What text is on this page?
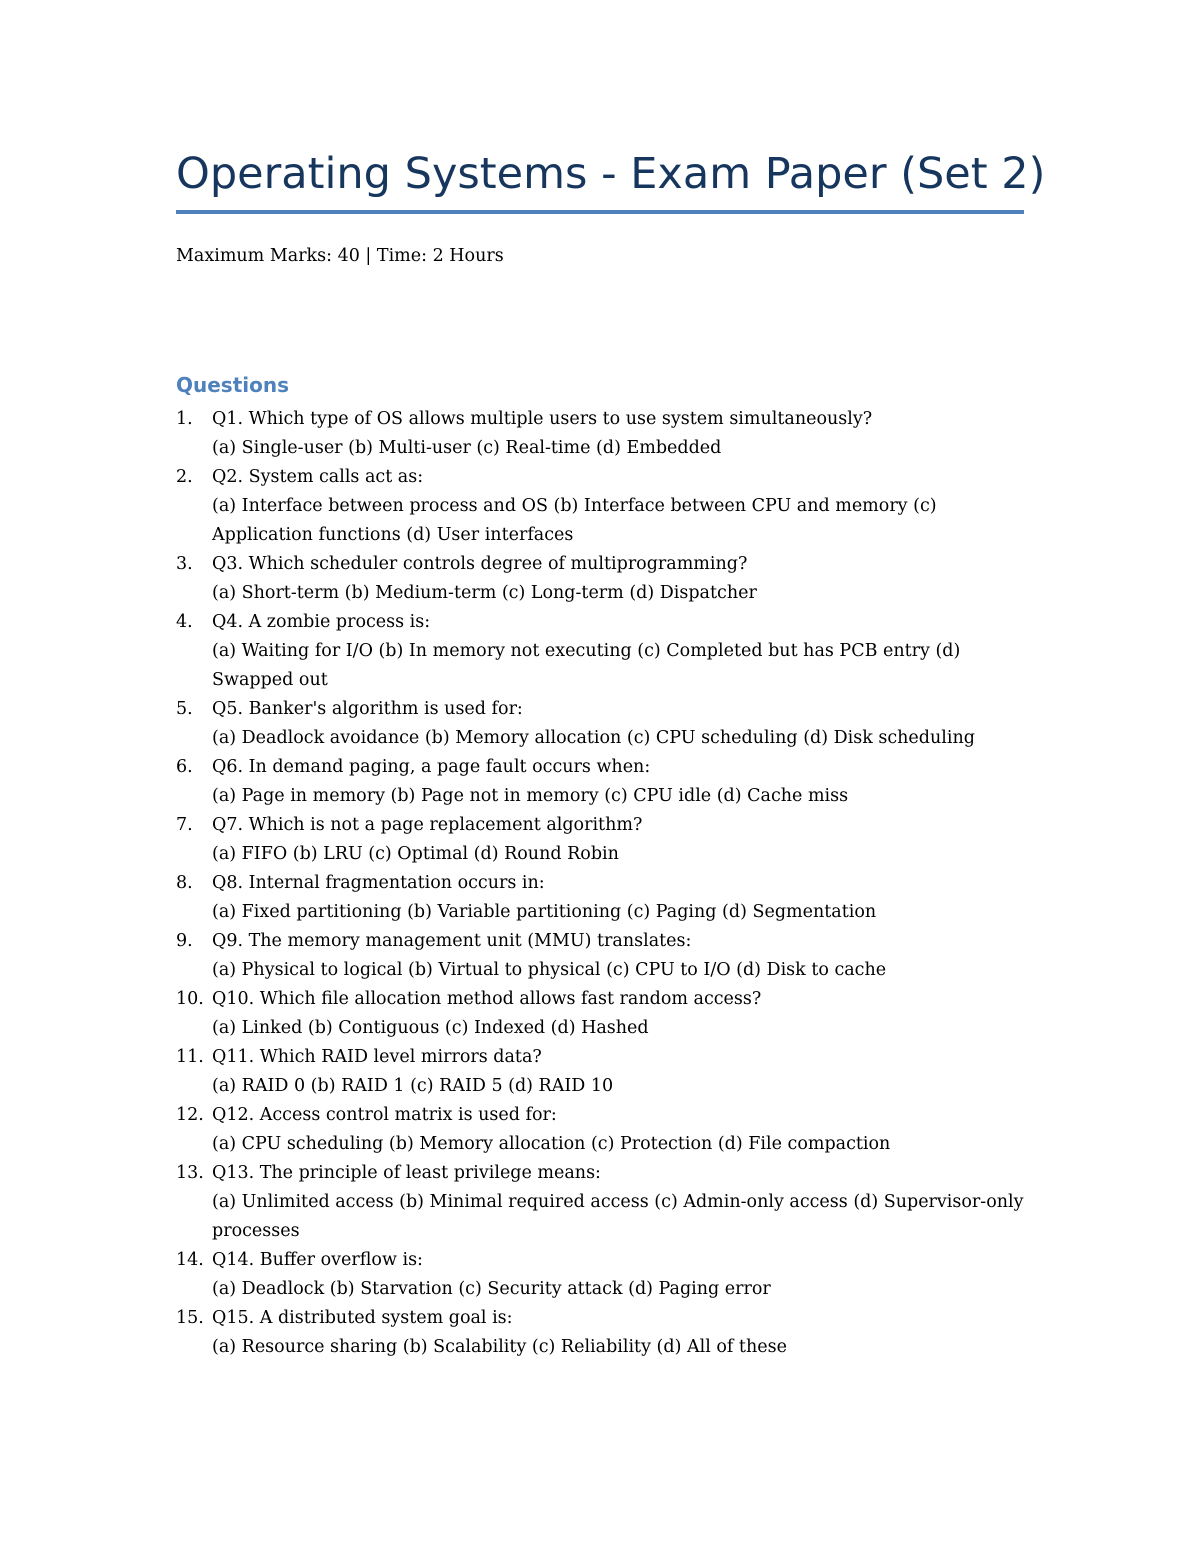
Operating Systems - Exam Paper (Set 2)

Maximum Marks: 40 | Time: 2 Hours

Questions
1. Q1. Which type of OS allows multiple users to use system simultaneously?
(a) Single-user (b) Multi-user (c) Real-time (d) Embedded
2. Q2. System calls act as:
(a) Interface between process and OS (b) Interface between CPU and memory (c) Application functions (d) User interfaces
3. Q3. Which scheduler controls degree of multiprogramming?
(a) Short-term (b) Medium-term (c) Long-term (d) Dispatcher
4. Q4. A zombie process is:
(a) Waiting for I/O (b) In memory not executing (c) Completed but has PCB entry (d) Swapped out
5. Q5. Banker's algorithm is used for:
(a) Deadlock avoidance (b) Memory allocation (c) CPU scheduling (d) Disk scheduling
6. Q6. In demand paging, a page fault occurs when:
(a) Page in memory (b) Page not in memory (c) CPU idle (d) Cache miss
7. Q7. Which is not a page replacement algorithm?
(a) FIFO (b) LRU (c) Optimal (d) Round Robin
8. Q8. Internal fragmentation occurs in:
(a) Fixed partitioning (b) Variable partitioning (c) Paging (d) Segmentation
9. Q9. The memory management unit (MMU) translates:
(a) Physical to logical (b) Virtual to physical (c) CPU to I/O (d) Disk to cache
10. Q10. Which file allocation method allows fast random access?
(a) Linked (b) Contiguous (c) Indexed (d) Hashed
11. Q11. Which RAID level mirrors data?
(a) RAID 0 (b) RAID 1 (c) RAID 5 (d) RAID 10
12. Q12. Access control matrix is used for:
(a) CPU scheduling (b) Memory allocation (c) Protection (d) File compaction
13. Q13. The principle of least privilege means:
(a) Unlimited access (b) Minimal required access (c) Admin-only access (d) Supervisor-only processes
14. Q14. Buffer overflow is:
(a) Deadlock (b) Starvation (c) Security attack (d) Paging error
15. Q15. A distributed system goal is:
(a) Resource sharing (b) Scalability (c) Reliability (d) All of these
